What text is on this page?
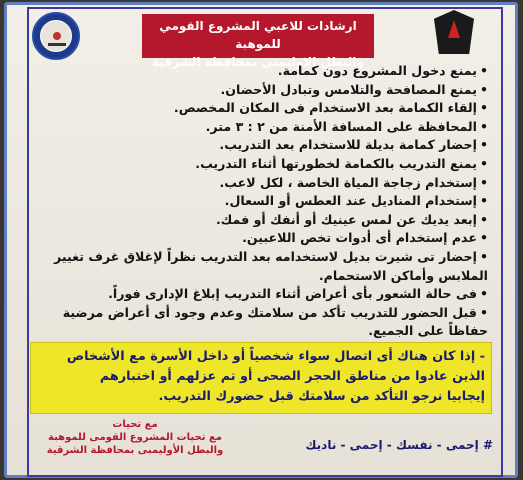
ارشادات للاعبي المشروع القومي للموهبة
والبطل الاوليمبي بمحافظة الشرقية
•يمنع دخول المشروع دون كمامة.
•يمنع المصافحة والتلامس وتبادل الأحضان.
•إلقاء الكمامة بعد الاستخدام فى المكان المخصص.
•المحافظة على المسافة الأمنة من ٢ : ٣ متر.
•إحضار كمامة بديلة للاستخدام بعد التدريب.
•يمنع التدريب بالكمامة لخطورتها أثناء التدريب.
•إستخدام زجاجة المياة الخاصة ، لكل لاعب.
•إستخدام المناديل عند العطس أو السعال.
•إبعد يديك عن لمس عينيك أو أنفك أو فمك.
•عدم إستخدام أى أدوات تخص اللاعبين.
•إحضار تى شيرت بديل لاستخدامه بعد التدريب نظراً لإغلاق غرف تغيير الملابس وأماكن الاستحمام.
•فى حالة الشعور بأى أعراض أثناء التدريب إبلاغ الإدارى فوراً.
•قبل الحضور للتدريب تأكد من سلامتك وعدم وجود أى أعراض مرضية حفاظاً على الجميع.

- إذا كان هناك أى اتصال سواء شخصياً أو داخل الأسرة مع الأشخاص

الذين عادوا من مناطق الحجر الصحى أو تم عزلهم أو اختبارهم

إيجابيا نرجو التأكد من سلامتك قبل حضورك التدريب.

مع تحيات
مع تحيات المشروع القومى للموهبة
والبطل الأوليمبى بمحافظة الشرقية	# إحمى - نفسك - إحمى - ناديك
